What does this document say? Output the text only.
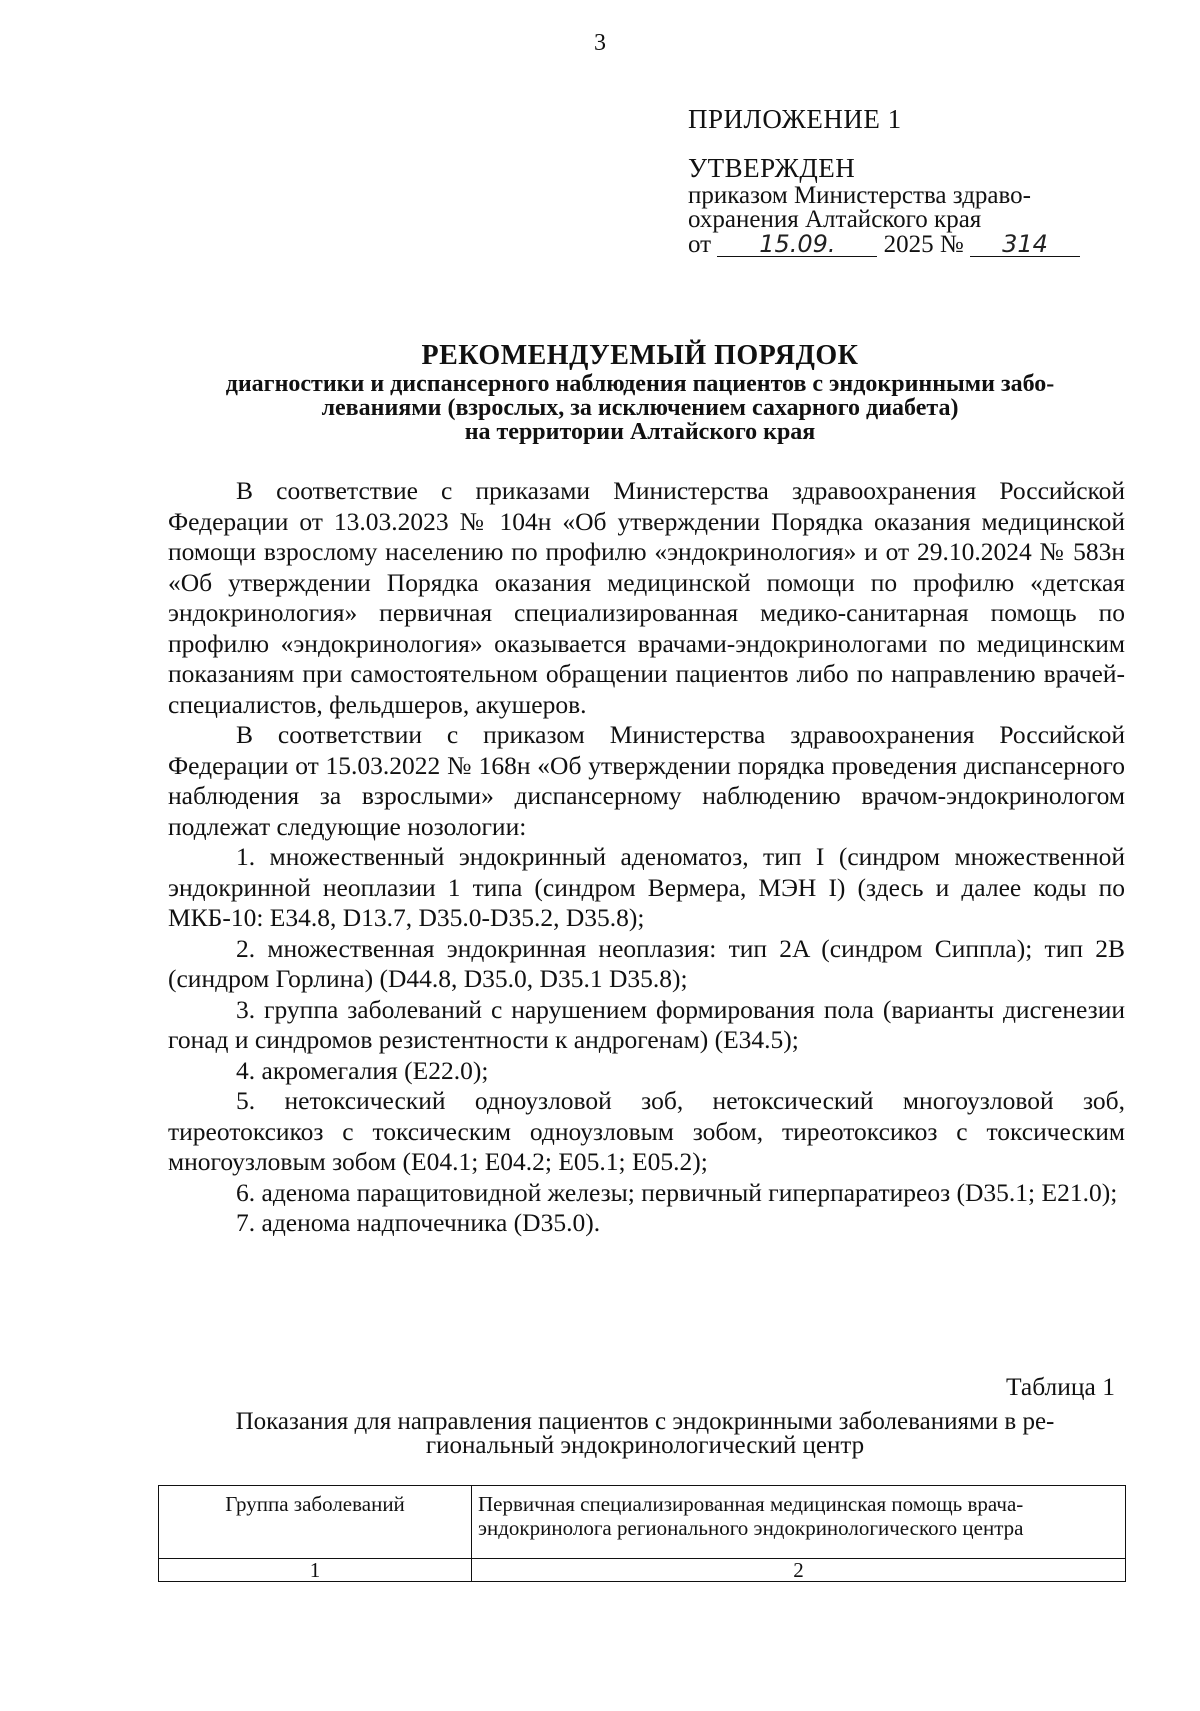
3
ПРИЛОЖЕНИЕ 1
УТВЕРЖДЕН
приказом Министерства здраво-
охранения Алтайского края
от 15.09. 2025 № 314
РЕКОМЕНДУЕМЫЙ ПОРЯДОК
диагностики и диспансерного наблюдения пациентов с эндокринными забо-
леваниями (взрослых, за исключением сахарного диабета)
на территории Алтайского края

В соответствие с приказами Министерства здравоохранения Российской Федерации от 13.03.2023 № 104н «Об утверждении Порядка оказания медицинской помощи взрослому населению по профилю «эндокринология» и от 29.10.2024 № 583н «Об утверждении Порядка оказания медицинской помощи по профилю «детская эндокринология» первичная специализированная медико-санитарная помощь по профилю «эндокринология» оказывается врачами-эндокринологами по медицинским показаниям при самостоятельном обращении пациентов либо по направлению врачей-специалистов, фельдшеров, акушеров.

В соответствии с приказом Министерства здравоохранения Российской Федерации от 15.03.2022 № 168н «Об утверждении порядка проведения диспансерного наблюдения за взрослыми» диспансерному наблюдению врачом-эндокринологом подлежат следующие нозологии:

1. множественный эндокринный аденоматоз, тип I (синдром множественной эндокринной неоплазии 1 типа (синдром Вермера, МЭН I) (здесь и далее коды по МКБ-10: E34.8, D13.7, D35.0-D35.2, D35.8);

2. множественная эндокринная неоплазия: тип 2A (синдром Сиппла); тип 2B (синдром Горлина) (D44.8, D35.0, D35.1 D35.8);

3. группа заболеваний с нарушением формирования пола (варианты дисгенезии гонад и синдромов резистентности к андрогенам) (E34.5);

4. акромегалия (E22.0);

5. нетоксический одноузловой зоб, нетоксический многоузловой зоб, тиреотоксикоз с токсическим одноузловым зобом, тиреотоксикоз с токсическим многоузловым зобом (E04.1; E04.2; E05.1; E05.2);

6. аденома паращитовидной железы; первичный гиперпаратиреоз (D35.1; E21.0);

7. аденома надпочечника (D35.0).

Таблица 1
Показания для направления пациентов с эндокринными заболеваниями в ре-
гиональный эндокринологический центр
Группа заболеваний	Первичная специализированная медицинская помощь врача-
эндокринолога регионального эндокринологического центра

1	2
